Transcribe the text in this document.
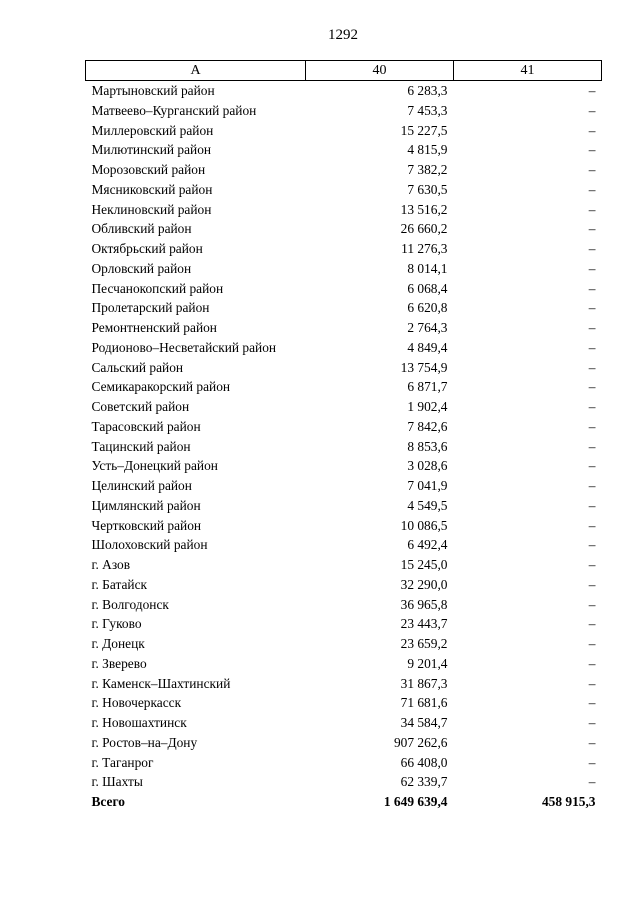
1292
А	40	41
Мартыновский район	6 283,3	–
Матвеево–Курганский район	7 453,3	–
Миллеровский район	15 227,5	–
Милютинский район	4 815,9	–
Морозовский район	7 382,2	–
Мясниковский район	7 630,5	–
Неклиновский район	13 516,2	–
Обливский район	26 660,2	–
Октябрьский район	11 276,3	–
Орловский район	8 014,1	–
Песчанокопский район	6 068,4	–
Пролетарский район	6 620,8	–
Ремонтненский район	2 764,3	–
Родионово–Несветайский район	4 849,4	–
Сальский район	13 754,9	–
Семикаракорский район	6 871,7	–
Советский район	1 902,4	–
Тарасовский район	7 842,6	–
Тацинский район	8 853,6	–
Усть–Донецкий район	3 028,6	–
Целинский район	7 041,9	–
Цимлянский район	4 549,5	–
Чертковский район	10 086,5	–
Шолоховский район	6 492,4	–
г. Азов	15 245,0	–
г. Батайск	32 290,0	–
г. Волгодонск	36 965,8	–
г. Гуково	23 443,7	–
г. Донецк	23 659,2	–
г. Зверево	9 201,4	–
г. Каменск–Шахтинский	31 867,3	–
г. Новочеркасск	71 681,6	–
г. Новошахтинск	34 584,7	–
г. Ростов–на–Дону	907 262,6	–
г. Таганрог	66 408,0	–
г. Шахты	62 339,7	–
Всего	1 649 639,4	458 915,3
